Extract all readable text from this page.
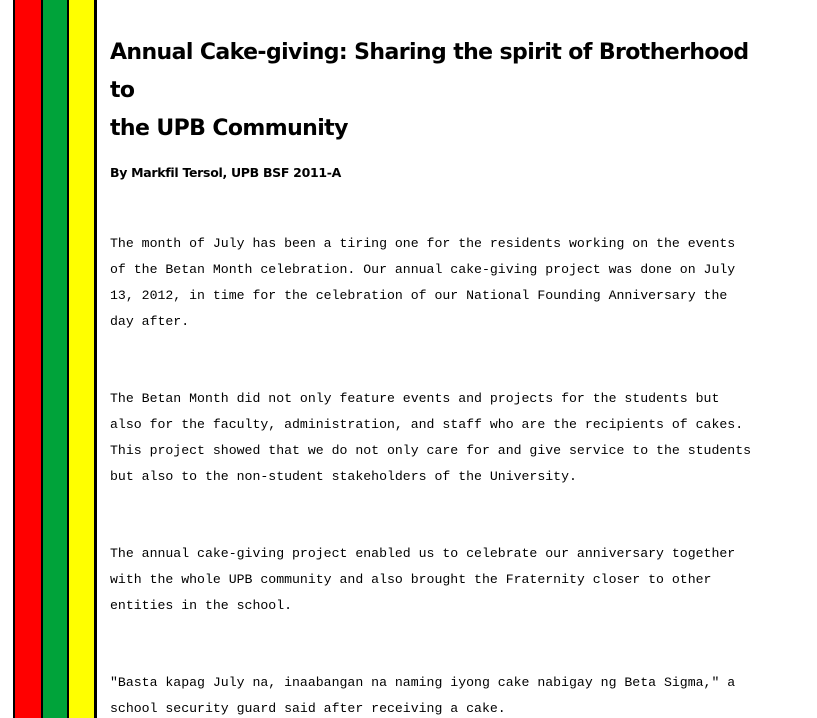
Annual Cake-giving: Sharing the spirit of Brotherhood to
the UPB Community
By Markfil Tersol, UPB BSF 2011-A

The month of July has been a tiring one for the residents working on the events
of the Betan Month celebration. Our annual cake-giving project was done on July
13, 2012, in time for the celebration of our National Founding Anniversary the
day after.

The Betan Month did not only feature events and projects for the students but
also for the faculty, administration, and staff who are the recipients of cakes.
This project showed that we do not only care for and give service to the students
but also to the non-student stakeholders of the University.

The annual cake-giving project enabled us to celebrate our anniversary together
with the whole UPB community and also brought the Fraternity closer to other
entities in the school.

"Basta kapag July na, inaabangan na naming iyong cake nabigay ng Beta Sigma," a
school security guard said after receiving a cake.
